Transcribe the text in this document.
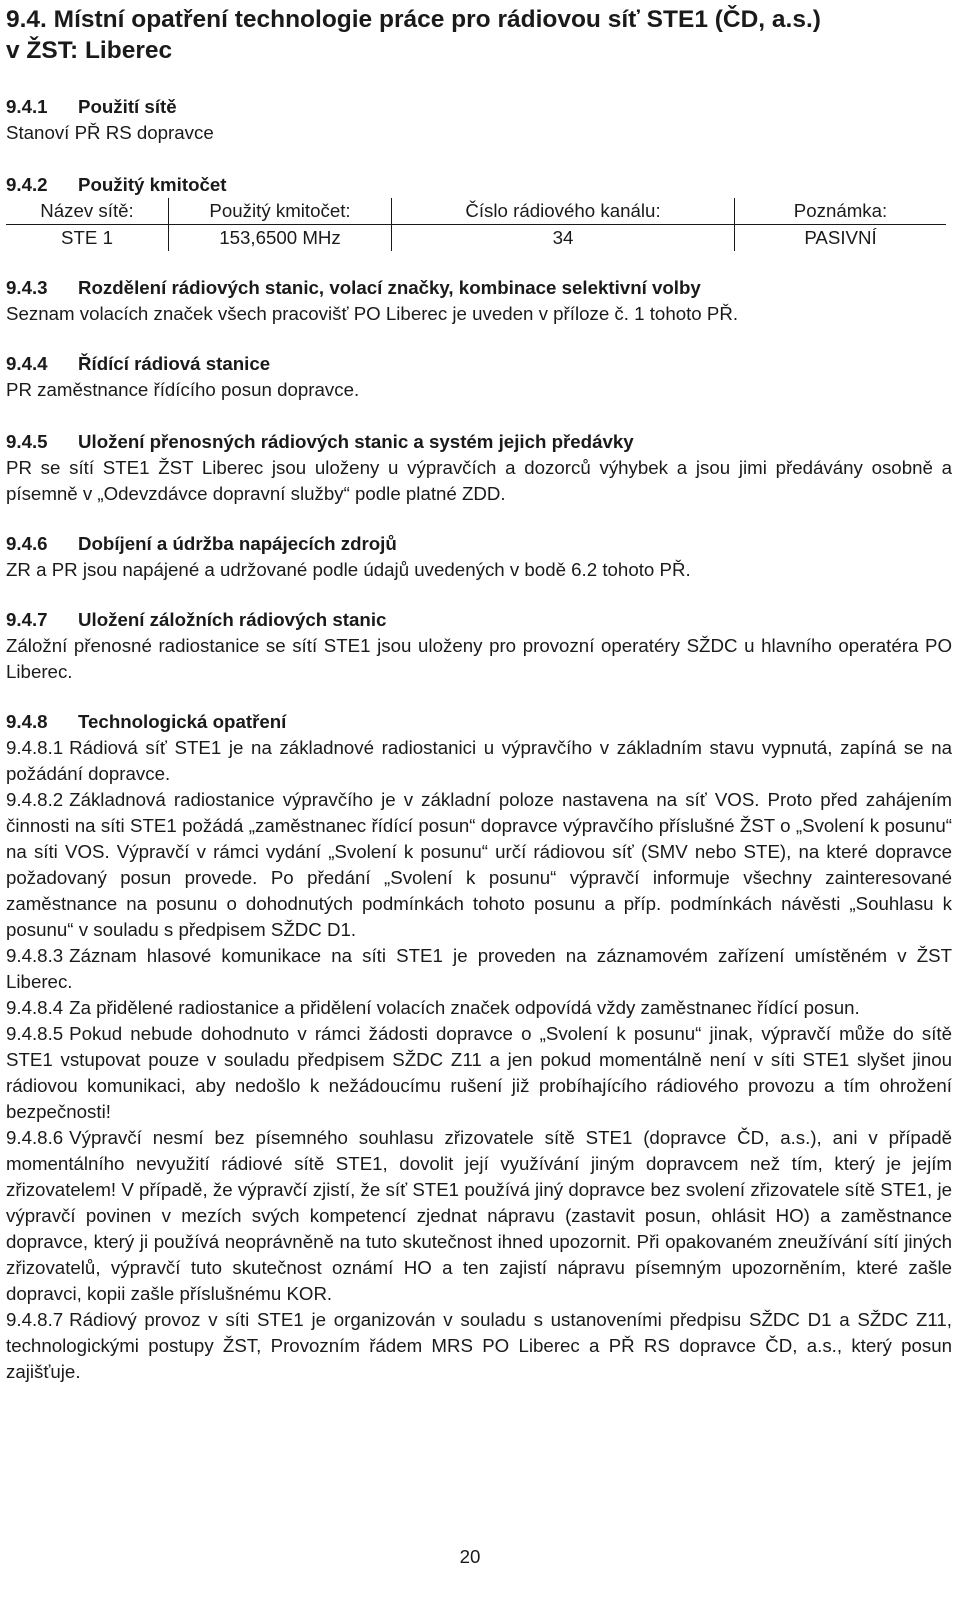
9.4. Místní opatření technologie práce pro rádiovou síť STE1 (ČD, a.s.)
v ŽST: Liberec
9.4.1 Použití sítě

Stanoví PŘ RS dopravce

9.4.2 Použitý kmitočet
Název sítě:	Použitý kmitočet:	Číslo rádiového kanálu:	Poznámka:
STE 1	153,6500 MHz	34	PASIVNÍ
9.4.3 Rozdělení rádiových stanic, volací značky, kombinace selektivní volby

Seznam volacích značek všech pracovišť PO Liberec je uveden v příloze č. 1 tohoto PŘ.

9.4.4 Řídící rádiová stanice

PR zaměstnance řídícího posun dopravce.

9.4.5 Uložení přenosných rádiových stanic a systém jejich předávky

PR se sítí STE1 ŽST Liberec jsou uloženy u výpravčích a dozorců výhybek a jsou jimi předávány osobně a písemně v „Odevzdávce dopravní služby“ podle platné ZDD.

9.4.6 Dobíjení a údržba napájecích zdrojů

ZR a PR jsou napájené a udržované podle údajů uvedených v bodě 6.2 tohoto PŘ.

9.4.7 Uložení záložních rádiových stanic

Záložní přenosné radiostanice se sítí STE1 jsou uloženy pro provozní operatéry SŽDC u hlavního operatéra PO Liberec.

9.4.8 Technologická opatření

9.4.8.1 Rádiová síť STE1 je na základnové radiostanici u výpravčího v základním stavu vypnutá, zapíná se na požádání dopravce.

9.4.8.2 Základnová radiostanice výpravčího je v základní poloze nastavena na síť VOS. Proto před zahájením činnosti na síti STE1 požádá „zaměstnanec řídící posun“ dopravce výpravčího příslušné ŽST o „Svolení k posunu“ na síti VOS. Výpravčí v rámci vydání „Svolení k posunu“ určí rádiovou síť (SMV nebo STE), na které dopravce požadovaný posun provede. Po předání „Svolení k posunu“ výpravčí informuje všechny zainteresované zaměstnance na posunu o dohodnutých podmínkách tohoto posunu a příp. podmínkách návěsti „Souhlasu k posunu“ v souladu s předpisem SŽDC D1.

9.4.8.3 Záznam hlasové komunikace na síti STE1 je proveden na záznamovém zařízení umístěném v ŽST Liberec.

9.4.8.4 Za přidělené radiostanice a přidělení volacích značek odpovídá vždy zaměstnanec řídící posun.

9.4.8.5 Pokud nebude dohodnuto v rámci žádosti dopravce o „Svolení k posunu“ jinak, výpravčí může do sítě STE1 vstupovat pouze v souladu předpisem SŽDC Z11 a jen pokud momentálně není v síti STE1 slyšet jinou rádiovou komunikaci, aby nedošlo k nežádoucímu rušení již probíhajícího rádiového provozu a tím ohrožení bezpečnosti!

9.4.8.6 Výpravčí nesmí bez písemného souhlasu zřizovatele sítě STE1 (dopravce ČD, a.s.), ani v případě momentálního nevyužití rádiové sítě STE1, dovolit její využívání jiným dopravcem než tím, který je jejím zřizovatelem! V případě, že výpravčí zjistí, že síť STE1 používá jiný dopravce bez svolení zřizovatele sítě STE1, je výpravčí povinen v mezích svých kompetencí zjednat nápravu (zastavit posun, ohlásit HO) a zaměstnance dopravce, který ji používá neoprávněně na tuto skutečnost ihned upozornit. Při opakovaném zneužívání sítí jiných zřizovatelů, výpravčí tuto skutečnost oznámí HO a ten zajistí nápravu písemným upozorněním, které zašle dopravci, kopii zašle příslušnému KOR.

9.4.8.7 Rádiový provoz v síti STE1 je organizován v souladu s ustanoveními předpisu SŽDC D1 a SŽDC Z11, technologickými postupy ŽST, Provozním řádem MRS PO Liberec a PŘ RS dopravce ČD, a.s., který posun zajišťuje.

20
